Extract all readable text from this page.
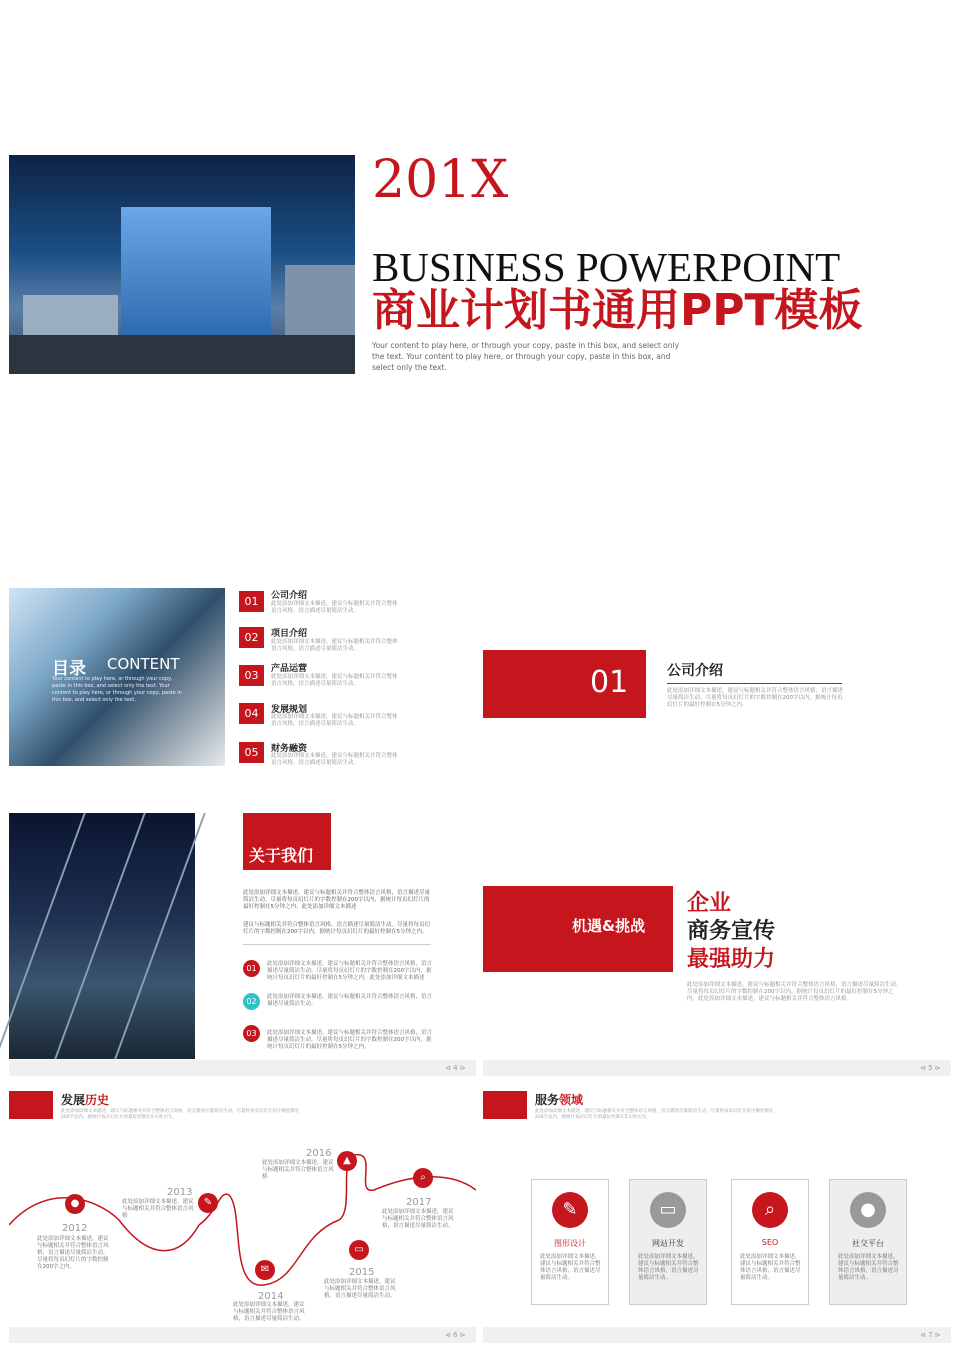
201X
BUSINESS POWERPOINT
商业计划书通用PPT模板
Your content to play here, or through your copy, paste in this box, and select only the text. Your content to play here, or through your copy, paste in this box, and select only the text.
目录 CONTENT
Your content to play here, or through your copy, paste in this box, and select only the text. Your content to play here, or through your copy, paste in this box, and select only the text.
01	公司介绍
此处添加详细文本描述，建议与标题相关并符合整体语言风格，语言描述尽量简洁生动。
02	项目介绍
此处添加详细文本描述，建议与标题相关并符合整体语言风格，语言描述尽量简洁生动。
03	产品运营
此处添加详细文本描述，建议与标题相关并符合整体语言风格，语言描述尽量简洁生动。
04	发展规划
此处添加详细文本描述，建议与标题相关并符合整体语言风格，语言描述尽量简洁生动。
05	财务融资
此处添加详细文本描述，建议与标题相关并符合整体语言风格，语言描述尽量简洁生动。
01	公司介绍
此处添加详细文本描述，建议与标题相关并符合整体语言风格，语言描述尽量简洁生动。尽量将每页幻灯片的字数控制在200字以内，据统计每页幻灯片的最好控制在5分钟之内。
关于我们
此处添加详细文本描述，建议与标题相关并符合整体语言风格，语言描述尽量简洁生动。尽量将每页幻灯片的字数控制在200字以内，据统计每页幻灯片的最好控制在5分钟之内。此处添加详细文本描述
建议与标题相关并符合整体语言风格，语言描述尽量简洁生动。尽量将每页幻灯片的字数控制在200字以内，据统计每页幻灯片的最好控制在5分钟之内。
01	此处添加详细文本描述，建议与标题相关并符合整体语言风格，语言描述尽量简洁生动。尽量将每页幻灯片的字数控制在200字以内，据统计每页幻灯片的最好控制在5分钟之内。此处添加详细文本描述
02	此处添加详细文本描述，建议与标题相关并符合整体语言风格，语言描述尽量简洁生动。
03	此处添加详细文本描述，建议与标题相关并符合整体语言风格，语言描述尽量简洁生动。尽量将每页幻灯片的字数控制在200字以内，据统计每页幻灯片的最好控制在5分钟之内。
⊲ 4 ⊳
机遇&挑战
企业
商务宣传
最强助力
此处添加详细文本描述，建议与标题相关并符合整体语言风格，语言描述尽量简洁生动。尽量将每页幻灯片的字数控制在200字以内，据统计每页幻灯片的最好控制在5分钟之内。此处添加详细文本描述，建议与标题相关并符合整体语言风格。
⊲ 5 ⊳
发展历史
此处添加详细文本描述，建议与标题相关并符合整体语言风格，语言描述尽量简洁生动。尽量将每页幻灯片的字数控制在200字以内，据统计每页幻灯片的最好控制在5分钟之内。
●
2012
此处添加详细文本描述，建议与标题相关并符合整体语言风格，语言描述尽量简洁生动。尽量将每页幻灯片的字数控制在200字之内。
✎
2013
此处添加详细文本描述，建议与标题相关并符合整体语言风格
✉
2014
此处添加详细文本描述，建议与标题相关并符合整体语言风格，语言描述尽量简洁生动。
▭
2015
此处添加详细文本描述，建议与标题相关并符合整体语言风格，语言描述尽量简洁生动。
▲
2016
此处添加详细文本描述，建议与标题相关并符合整体语言风格	⌕
2017
此处添加详细文本描述，建议与标题相关并符合整体语言风格，语言描述尽量简洁生动。
⊲ 6 ⊳
服务领域
此处添加详细文本描述，建议与标题相关并符合整体语言风格，语言描述尽量简洁生动。尽量将每页幻灯片的字数控制在200字以内，据统计每页幻灯片的最好控制在5分钟之内。
✎
图形设计
此处添加详细文本描述，建议与标题相关并符合整体语言风格，语言描述尽量简洁生动。
▭
网站开发
此处添加详细文本描述，建议与标题相关并符合整体语言风格，语言描述尽量简洁生动。
⌕
SEO
此处添加详细文本描述，建议与标题相关并符合整体语言风格，语言描述尽量简洁生动。
●
社交平台
此处添加详细文本描述，建议与标题相关并符合整体语言风格，语言描述尽量简洁生动。
⊲ 7 ⊳
